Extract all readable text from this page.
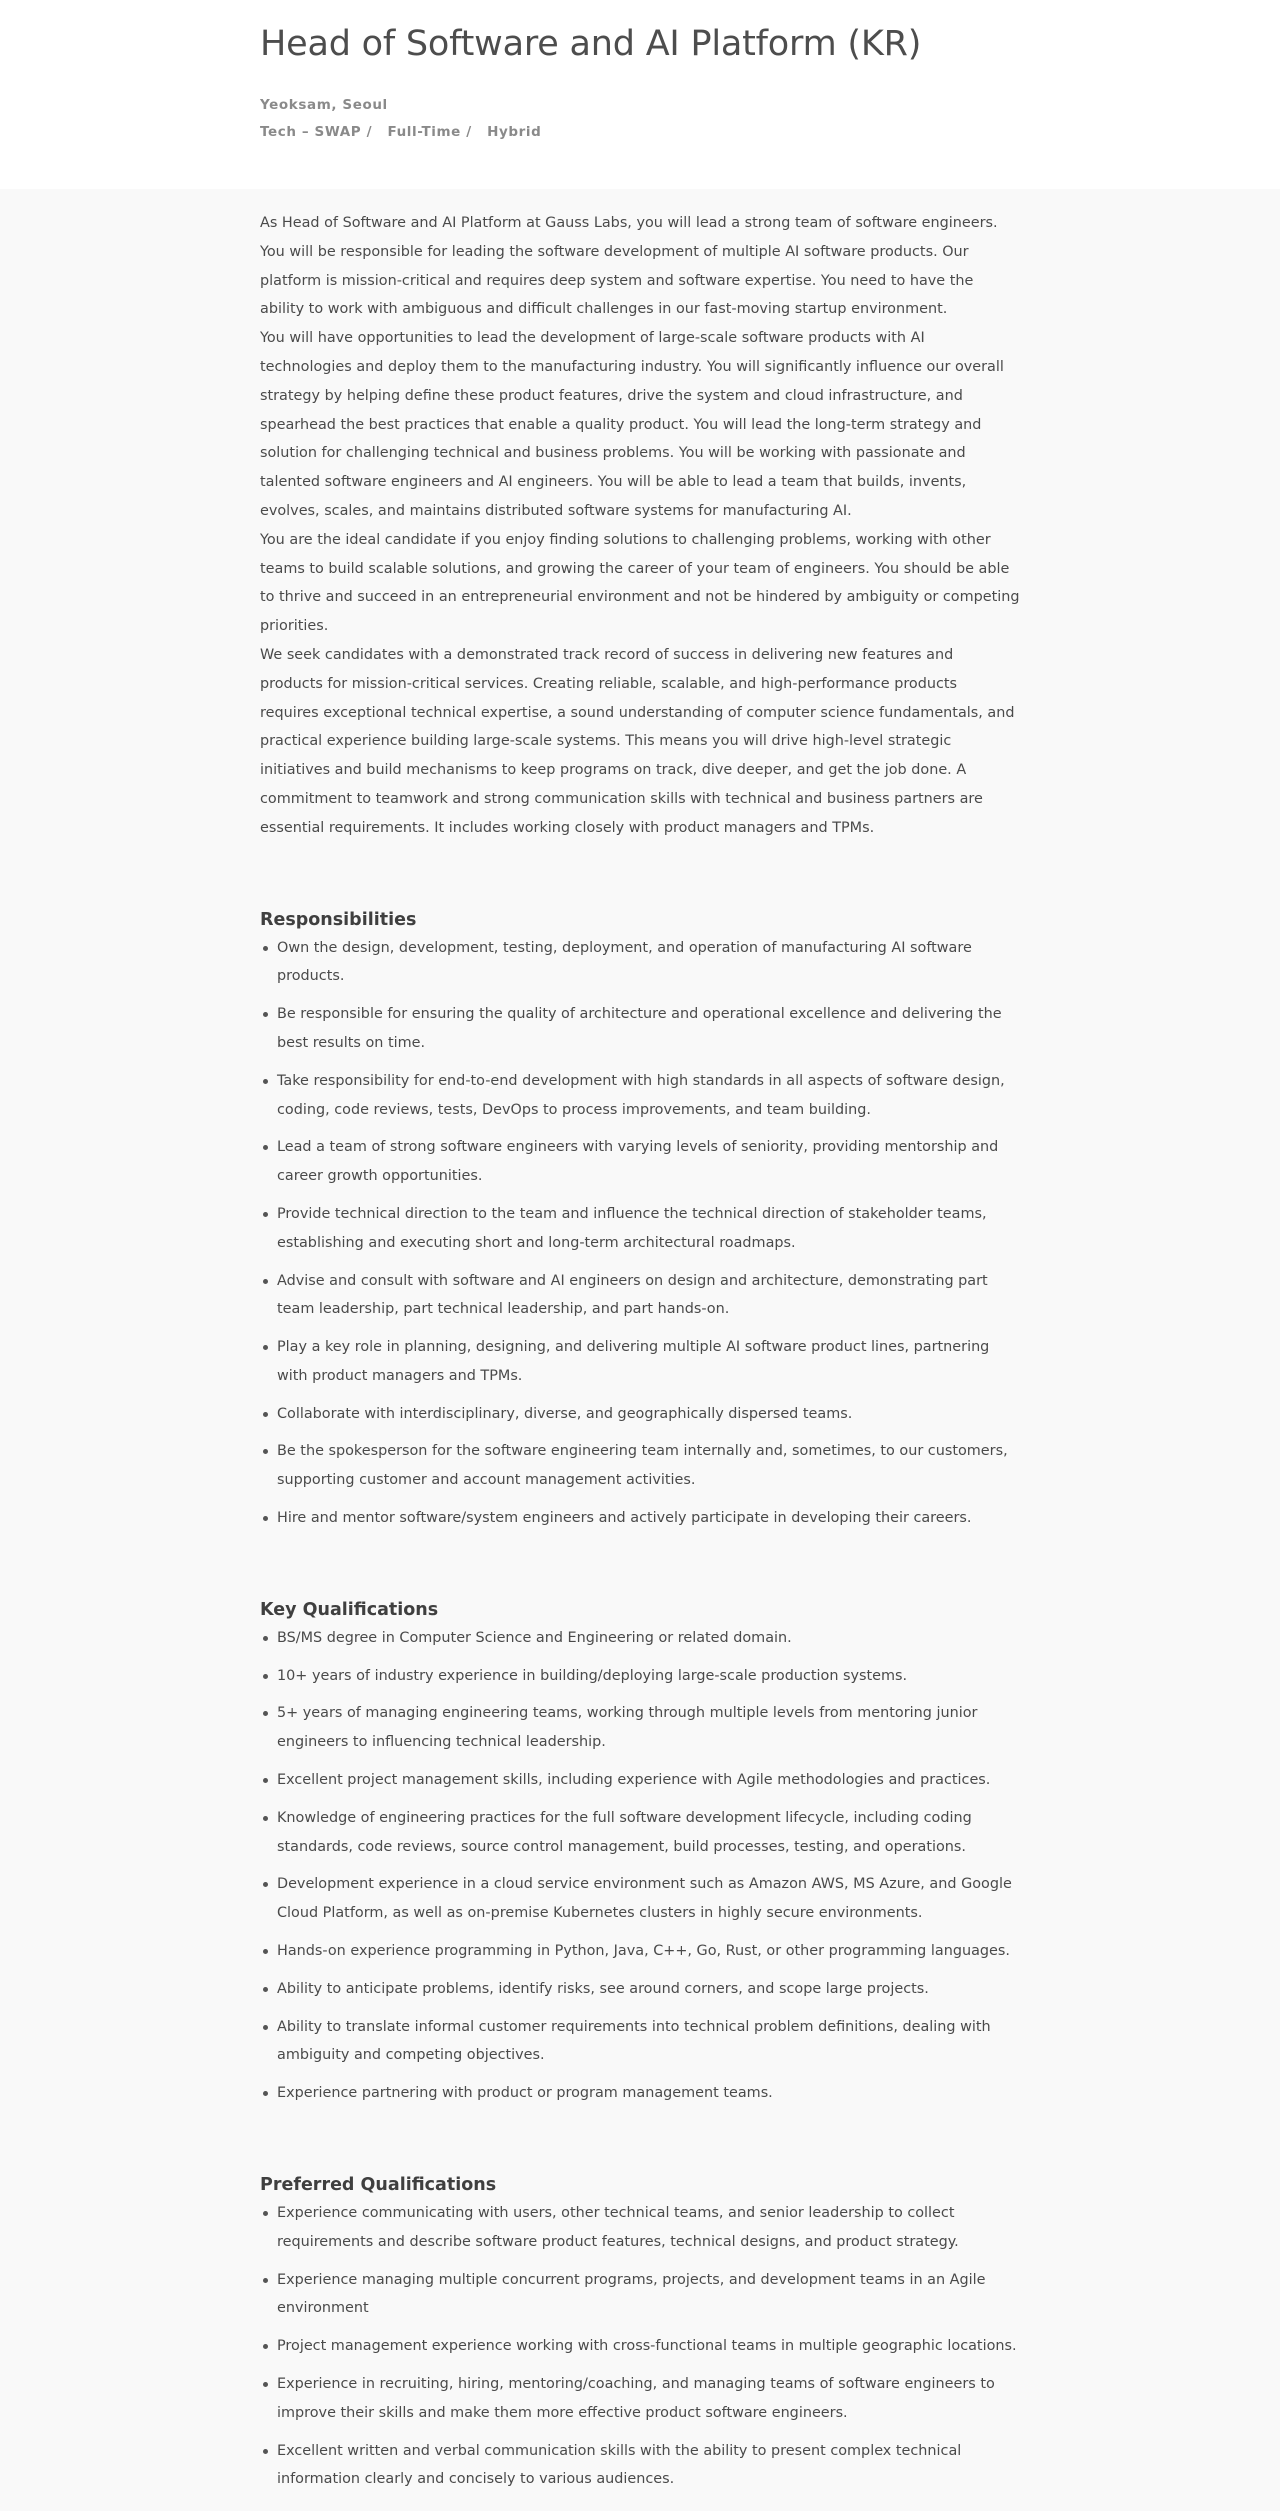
Head of Software and AI Platform (KR)
Yeoksam, Seoul
Tech – SWAP / Full-Time / Hybrid

As Head of Software and AI Platform at Gauss Labs, you will lead a strong team of software engineers. You will be responsible for leading the software development of multiple AI software products. Our platform is mission-critical and requires deep system and software expertise. You need to have the ability to work with ambiguous and difficult challenges in our fast-moving startup environment.

You will have opportunities to lead the development of large-scale software products with AI technologies and deploy them to the manufacturing industry. You will significantly influence our overall strategy by helping define these product features, drive the system and cloud infrastructure, and spearhead the best practices that enable a quality product. You will lead the long-term strategy and solution for challenging technical and business problems. You will be working with passionate and talented software engineers and AI engineers. You will be able to lead a team that builds, invents, evolves, scales, and maintains distributed software systems for manufacturing AI.

You are the ideal candidate if you enjoy finding solutions to challenging problems, working with other teams to build scalable solutions, and growing the career of your team of engineers. You should be able to thrive and succeed in an entrepreneurial environment and not be hindered by ambiguity or competing priorities.

We seek candidates with a demonstrated track record of success in delivering new features and products for mission-critical services. Creating reliable, scalable, and high-performance products requires exceptional technical expertise, a sound understanding of computer science fundamentals, and practical experience building large-scale systems. This means you will drive high-level strategic initiatives and build mechanisms to keep programs on track, dive deeper, and get the job done. A commitment to teamwork and strong communication skills with technical and business partners are essential requirements. It includes working closely with product managers and TPMs.

Responsibilities
Own the design, development, testing, deployment, and operation of manufacturing AI software products.
Be responsible for ensuring the quality of architecture and operational excellence and delivering the best results on time.
Take responsibility for end-to-end development with high standards in all aspects of software design, coding, code reviews, tests, DevOps to process improvements, and team building.
Lead a team of strong software engineers with varying levels of seniority, providing mentorship and career growth opportunities.
Provide technical direction to the team and influence the technical direction of stakeholder teams, establishing and executing short and long-term architectural roadmaps.
Advise and consult with software and AI engineers on design and architecture, demonstrating part team leadership, part technical leadership, and part hands-on.
Play a key role in planning, designing, and delivering multiple AI software product lines, partnering with product managers and TPMs.
Collaborate with interdisciplinary, diverse, and geographically dispersed teams.
Be the spokesperson for the software engineering team internally and, sometimes, to our customers, supporting customer and account management activities.
Hire and mentor software/system engineers and actively participate in developing their careers.
Key Qualifications
BS/MS degree in Computer Science and Engineering or related domain.
10+ years of industry experience in building/deploying large-scale production systems.
5+ years of managing engineering teams, working through multiple levels from mentoring junior engineers to influencing technical leadership.
Excellent project management skills, including experience with Agile methodologies and practices.
Knowledge of engineering practices for the full software development lifecycle, including coding standards, code reviews, source control management, build processes, testing, and operations.
Development experience in a cloud service environment such as Amazon AWS, MS Azure, and Google Cloud Platform, as well as on-premise Kubernetes clusters in highly secure environments.
Hands-on experience programming in Python, Java, C++, Go, Rust, or other programming languages.
Ability to anticipate problems, identify risks, see around corners, and scope large projects.
Ability to translate informal customer requirements into technical problem definitions, dealing with ambiguity and competing objectives.
Experience partnering with product or program management teams.
Preferred Qualifications
Experience communicating with users, other technical teams, and senior leadership to collect requirements and describe software product features, technical designs, and product strategy.
Experience managing multiple concurrent programs, projects, and development teams in an Agile environment
Project management experience working with cross-functional teams in multiple geographic locations.
Experience in recruiting, hiring, mentoring/coaching, and managing teams of software engineers to improve their skills and make them more effective product software engineers.
Excellent written and verbal communication skills with the ability to present complex technical information clearly and concisely to various audiences.
